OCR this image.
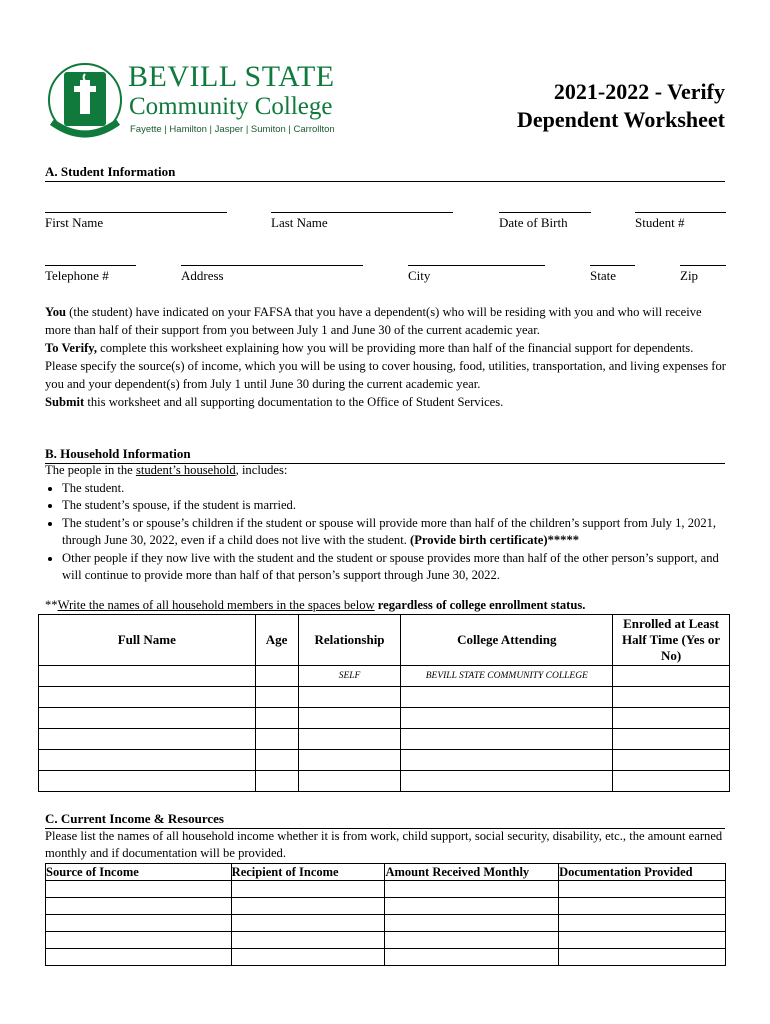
BEVILL STATE
Community College
Fayette | Hamilton | Jasper | Sumiton | Carrollton
2021-2022 - Verify
Dependent Worksheet
A. Student Information
First Name	Last Name	Date of Birth	Student #
Telephone #	Address	City	State	Zip

You (the student) have indicated on your FAFSA that you have a dependent(s) who will be residing with you and who will receive more than half of their support from you between July 1 and June 30 of the current academic year.

To Verify, complete this worksheet explaining how you will be providing more than half of the financial support for dependents. Please specify the source(s) of income, which you will be using to cover housing, food, utilities, transportation, and living expenses for you and your dependent(s) from July 1 until June 30 during the current academic year.

Submit this worksheet and all supporting documentation to the Office of Student Services.

B. Household Information
The people in the student’s household, includes:
• The student.
• The student’s spouse, if the student is married.
• The student’s or spouse’s children if the student or spouse will provide more than half of the children’s support from July 1, 2021, through June 30, 2022, even if a child does not live with the student. (Provide birth certificate)*****
• Other people if they now live with the student and the student or spouse provides more than half of the other person’s support, and will continue to provide more than half of that person’s support through June 30, 2022.
**Write the names of all household members in the spaces below regardless of college enrollment status.
Full Name	Age	Relationship	College Attending	Enrolled at Least Half Time (Yes or No)
		SELF	BEVILL STATE COMMUNITY COLLEGE	

C. Current Income & Resources
Please list the names of all household income whether it is from work, child support, social security, disability, etc., the amount earned monthly and if documentation will be provided.
Source of Income	Recipient of Income	Amount Received Monthly	Documentation Provided
